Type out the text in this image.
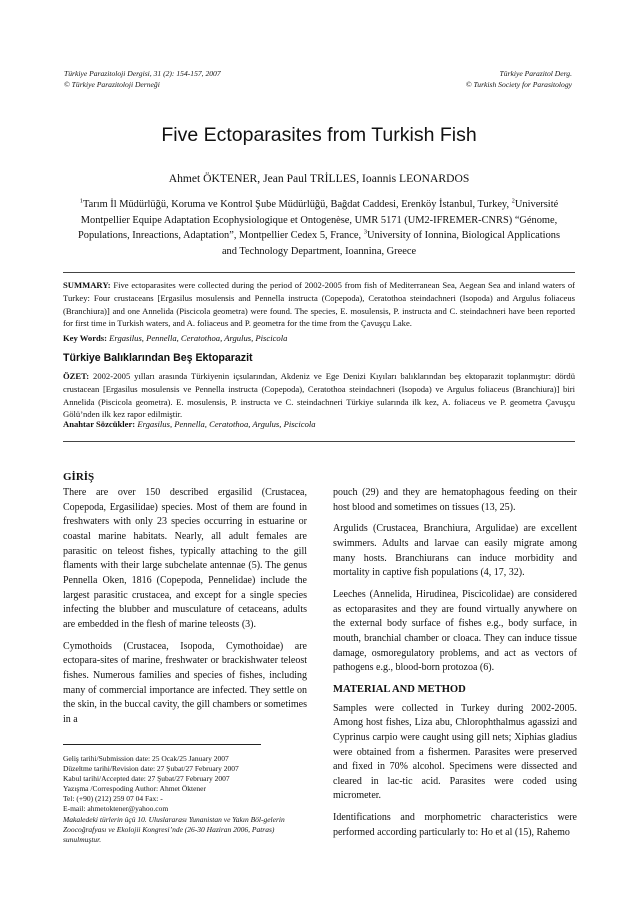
Türkiye Parazitoloji Dergisi, 31 (2): 154-157, 2007
© Türkiye Parazitoloji Derneği
Türkiye Parazitol Derg.
© Turkish Society for Parasitology
Five Ectoparasites from Turkish Fish
Ahmet ÖKTENER, Jean Paul TRİLLES, Ioannis LEONARDOS
$^1$Tarım İl Müdürlüğü, Koruma ve Kontrol Şube Müdürlüğü, Bağdat Caddesi, Erenköy İstanbul, Turkey, $^2$Université Montpellier Equipe Adaptation Ecophysiologique et Ontogenèse, UMR 5171 (UM2-IFREMER-CNRS) “Génome, Populations, Inreactions, Adaptation”, Montpellier Cedex 5, France, $^3$University of Ionnina, Biological Applications and Technology Department, Ioannina, Greece
SUMMARY: Five ectoparasites were collected during the period of 2002-2005 from fish of Mediterranean Sea, Aegean Sea and inland waters of Turkey: Four crustaceans [Ergasilus mosulensis and Pennella instructa (Copepoda), Ceratothoa steindachneri (Isopoda) and Argulus foliaceus (Branchiura)] and one Annelida (Piscicola geometra) were found. The species, E. mosulensis, P. instructa and C. steindachneri have been reported for first time in Turkish waters, and A. foliaceus and P. geometra for the time from the Çavuşçu Lake.
Key Words: Ergasilus, Pennella, Ceratothoa, Argulus, Piscicola
Türkiye Balıklarından Beş Ektoparazit
ÖZET: 2002-2005 yılları arasında Türkiyenin içsularından, Akdeniz ve Ege Denizi Kıyıları balıklarından beş ektoparazit toplanmıştır: dördü crustacean [Ergasilus mosulensis ve Pennella instructa (Copepoda), Ceratothoa steindachneri (Isopoda) ve Argulus foliaceus (Branchiura)] biri Annelida (Piscicola geometra). E. mosulensis, P. instructa ve C. steindachneri Türkiye sularında ilk kez, A. foliaceus ve P. geometra Çavuşçu Gölü’nden ilk kez rapor edilmiştir.
Anahtar Sözcükler: Ergasilus, Pennella, Ceratothoa, Argulus, Piscicola
GİRİŞ

There are over 150 described ergasilid (Crustacea, Copepoda, Ergasilidae) species. Most of them are found in freshwaters with only 23 species occurring in estuarine or coastal marine habitats. Nearly, all adult females are parasitic on teleost fishes, typically attaching to the gill flaments with their large subchelate antennae (5). The genus Pennella Oken, 1816 (Copepoda, Pennelidae) include the largest parasitic crustacea, and except for a single species infecting the blubber and musculature of cetaceans, adults are embedded in the flesh of marine teleosts (3).

Cymothoids (Crustacea, Isopoda, Cymothoidae) are ectopara-sites of marine, freshwater or brackishwater teleost fishes. Numerous families and species of fishes, including many of commercial importance are infected. They settle on the skin, in the buccal cavity, the gill chambers or sometimes in a

pouch (29) and they are hematophagous feeding on their host blood and sometimes on tissues (13, 25).

Argulids (Crustacea, Branchiura, Argulidae) are excellent swimmers. Adults and larvae can easily migrate among many hosts. Branchiurans can induce morbidity and mortality in captive fish populations (4, 17, 32).

Leeches (Annelida, Hirudinea, Piscicolidae) are considered as ectoparasites and they are found virtually anywhere on the external body surface of fishes e.g., body surface, in mouth, branchial chamber or cloaca. They can induce tissue damage, osmoregulatory problems, and act as vectors of pathogens e.g., blood-born protozoa (6).

MATERIAL AND METHOD

Samples were collected in Turkey during 2002-2005. Among host fishes, Liza abu, Chlorophthalmus agassizi and Cyprinus carpio were caught using gill nets; Xiphias gladius were obtained from a fishermen. Parasites were preserved and fixed in 70% alcohol. Specimens were dissected and cleared in lac-tic acid. Parasites were coded using micrometer.

Identifications and morphometric characteristics were performed according particularly to: Ho et al (15), Rahemo

Geliş tarihi/Submission date: 25 Ocak/25 January 2007
Düzeltme tarihi/Revision date: 27 Şubat/27 February 2007
Kabul tarihi/Accepted date: 27 Şubat/27 February 2007
Yazışma /Correspoding Author: Ahmet Öktener
Tel: (+90) (212) 259 07 04 Fax: -
E-mail: ahmetoktener@yahoo.com
Makaledeki türlerin üçü 10. Uluslararası Yunanistan ve Yakın Böl-gelerin Zoocoğrafyası ve Ekolojii Kongresi’nde (26-30 Haziran 2006, Patras) sunulmuştur.
